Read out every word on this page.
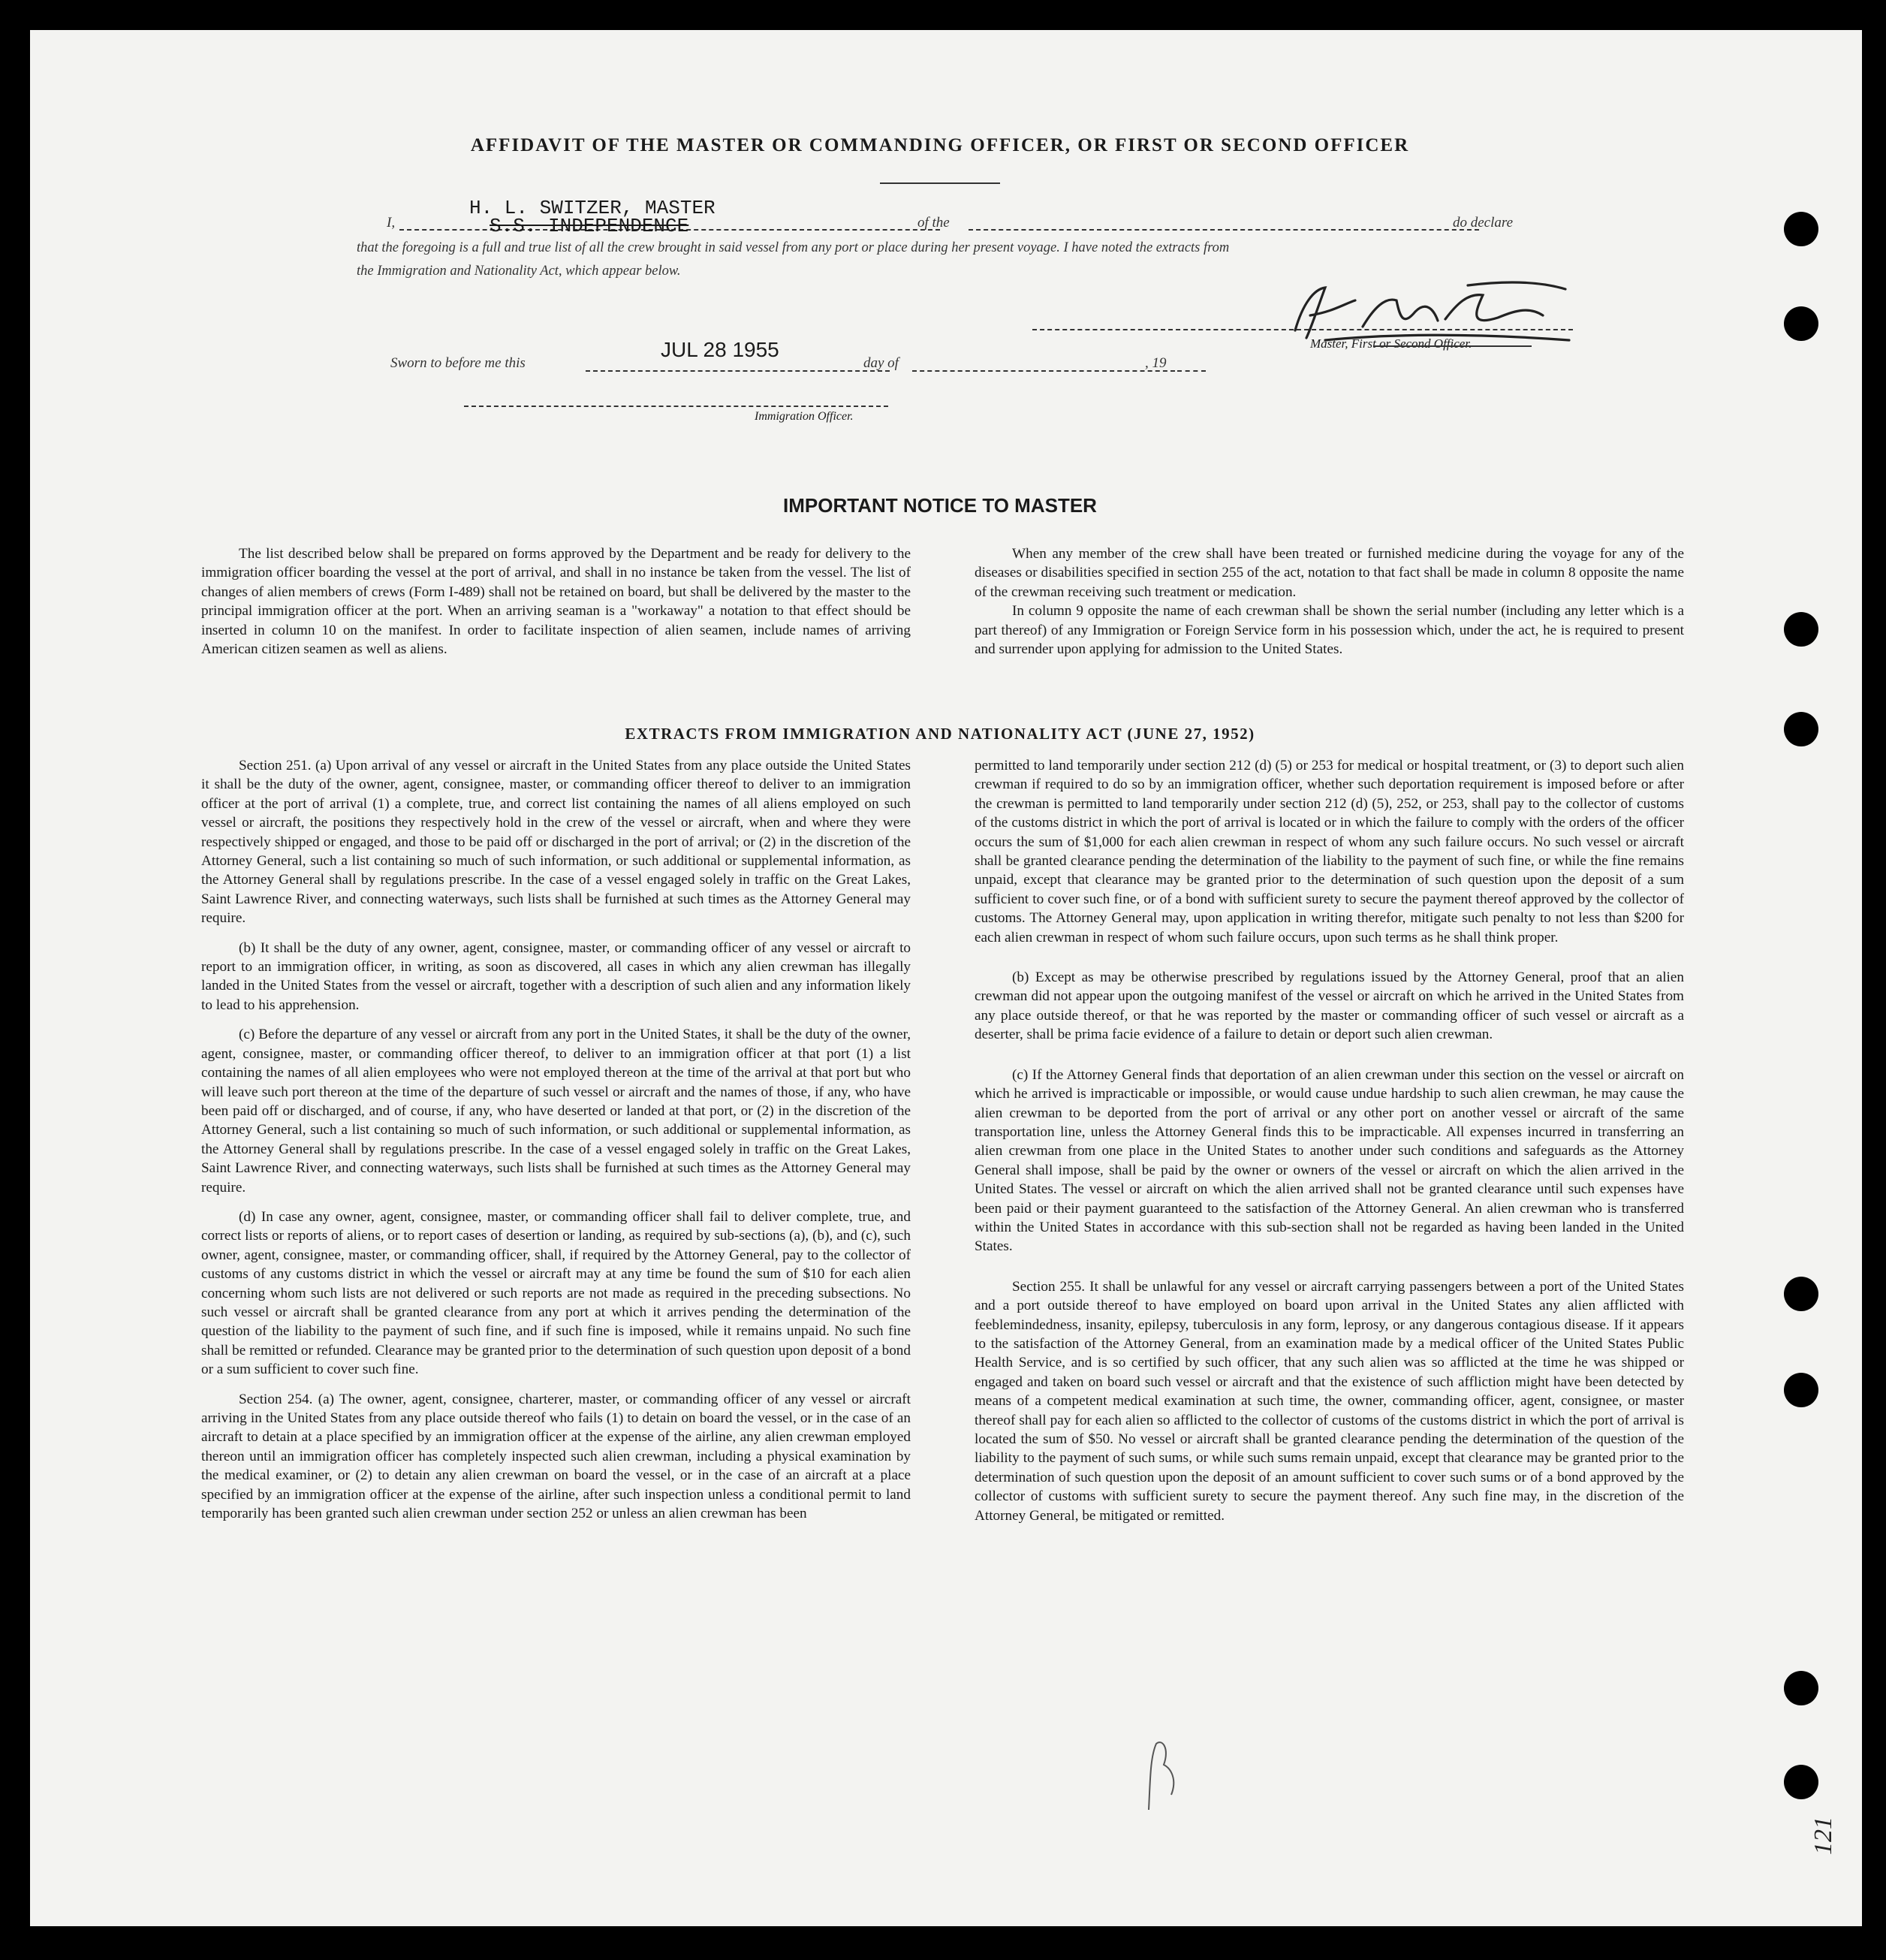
AFFIDAVIT OF THE MASTER OR COMMANDING OFFICER, OR FIRST OR SECOND OFFICER
H. L. SWITZER, MASTER
I,	S.S. INDEPENDENCE	of the	do declare
that the foregoing is a full and true list of all the crew brought in said vessel from any port or place during her present voyage. I have noted the extracts from
the Immigration and Nationality Act, which appear below.
Master, First or Second Officer.
Sworn to before me this
JUL 28 1955
day of	, 19
Immigration Officer.
IMPORTANT NOTICE TO MASTER

The list described below shall be prepared on forms approved by the Department and be ready for delivery to the immigration officer boarding the vessel at the port of arrival, and shall in no instance be taken from the vessel. The list of changes of alien members of crews (Form I-489) shall not be retained on board, but shall be delivered by the master to the principal immigration officer at the port. When an arriving seaman is a "workaway" a notation to that effect should be inserted in column 10 on the manifest. In order to facilitate inspection of alien seamen, include names of arriving American citizen seamen as well as aliens.

When any member of the crew shall have been treated or furnished medicine during the voyage for any of the diseases or disabilities specified in section 255 of the act, notation to that fact shall be made in column 8 opposite the name of the crewman receiving such treatment or medication.

In column 9 opposite the name of each crewman shall be shown the serial number (including any letter which is a part thereof) of any Immigration or Foreign Service form in his possession which, under the act, he is required to present and surrender upon applying for admission to the United States.

EXTRACTS FROM IMMIGRATION AND NATIONALITY ACT (JUNE 27, 1952)

Section 251. (a) Upon arrival of any vessel or aircraft in the United States from any place outside the United States it shall be the duty of the owner, agent, consignee, master, or commanding officer thereof to deliver to an immigration officer at the port of arrival (1) a complete, true, and correct list containing the names of all aliens employed on such vessel or aircraft, the positions they respectively hold in the crew of the vessel or aircraft, when and where they were respectively shipped or engaged, and those to be paid off or discharged in the port of arrival; or (2) in the discretion of the Attorney General, such a list containing so much of such information, or such additional or supplemental information, as the Attorney General shall by regulations prescribe. In the case of a vessel engaged solely in traffic on the Great Lakes, Saint Lawrence River, and connecting waterways, such lists shall be furnished at such times as the Attorney General may require.

(b) It shall be the duty of any owner, agent, consignee, master, or commanding officer of any vessel or aircraft to report to an immigration officer, in writing, as soon as discovered, all cases in which any alien crewman has illegally landed in the United States from the vessel or aircraft, together with a description of such alien and any information likely to lead to his apprehension.

(c) Before the departure of any vessel or aircraft from any port in the United States, it shall be the duty of the owner, agent, consignee, master, or commanding officer thereof, to deliver to an immigration officer at that port (1) a list containing the names of all alien employees who were not employed thereon at the time of the arrival at that port but who will leave such port thereon at the time of the departure of such vessel or aircraft and the names of those, if any, who have been paid off or discharged, and of course, if any, who have deserted or landed at that port, or (2) in the discretion of the Attorney General, such a list containing so much of such information, or such additional or supplemental information, as the Attorney General shall by regulations prescribe. In the case of a vessel engaged solely in traffic on the Great Lakes, Saint Lawrence River, and connecting waterways, such lists shall be furnished at such times as the Attorney General may require.

(d) In case any owner, agent, consignee, master, or commanding officer shall fail to deliver complete, true, and correct lists or reports of aliens, or to report cases of desertion or landing, as required by sub-sections (a), (b), and (c), such owner, agent, consignee, master, or commanding officer, shall, if required by the Attorney General, pay to the collector of customs of any customs district in which the vessel or aircraft may at any time be found the sum of $10 for each alien concerning whom such lists are not delivered or such reports are not made as required in the preceding subsections. No such vessel or aircraft shall be granted clearance from any port at which it arrives pending the determination of the question of the liability to the payment of such fine, and if such fine is imposed, while it remains unpaid. No such fine shall be remitted or refunded. Clearance may be granted prior to the determination of such question upon deposit of a bond or a sum sufficient to cover such fine.

Section 254. (a) The owner, agent, consignee, charterer, master, or commanding officer of any vessel or aircraft arriving in the United States from any place outside thereof who fails (1) to detain on board the vessel, or in the case of an aircraft to detain at a place specified by an immigration officer at the expense of the airline, any alien crewman employed thereon until an immigration officer has completely inspected such alien crewman, including a physical examination by the medical examiner, or (2) to detain any alien crewman on board the vessel, or in the case of an aircraft at a place specified by an immigration officer at the expense of the airline, after such inspection unless a conditional permit to land temporarily has been granted such alien crewman under section 252 or unless an alien crewman has been

permitted to land temporarily under section 212 (d) (5) or 253 for medical or hospital treatment, or (3) to deport such alien crewman if required to do so by an immigration officer, whether such deportation requirement is imposed before or after the crewman is permitted to land temporarily under section 212 (d) (5), 252, or 253, shall pay to the collector of customs of the customs district in which the port of arrival is located or in which the failure to comply with the orders of the officer occurs the sum of $1,000 for each alien crewman in respect of whom any such failure occurs. No such vessel or aircraft shall be granted clearance pending the determination of the liability to the payment of such fine, or while the fine remains unpaid, except that clearance may be granted prior to the determination of such question upon the deposit of a sum sufficient to cover such fine, or of a bond with sufficient surety to secure the payment thereof approved by the collector of customs. The Attorney General may, upon application in writing therefor, mitigate such penalty to not less than $200 for each alien crewman in respect of whom such failure occurs, upon such terms as he shall think proper.

(b) Except as may be otherwise prescribed by regulations issued by the Attorney General, proof that an alien crewman did not appear upon the outgoing manifest of the vessel or aircraft on which he arrived in the United States from any place outside thereof, or that he was reported by the master or commanding officer of such vessel or aircraft as a deserter, shall be prima facie evidence of a failure to detain or deport such alien crewman.

(c) If the Attorney General finds that deportation of an alien crewman under this section on the vessel or aircraft on which he arrived is impracticable or impossible, or would cause undue hardship to such alien crewman, he may cause the alien crewman to be deported from the port of arrival or any other port on another vessel or aircraft of the same transportation line, unless the Attorney General finds this to be impracticable. All expenses incurred in transferring an alien crewman from one place in the United States to another under such conditions and safeguards as the Attorney General shall impose, shall be paid by the owner or owners of the vessel or aircraft on which the alien arrived in the United States. The vessel or aircraft on which the alien arrived shall not be granted clearance until such expenses have been paid or their payment guaranteed to the satisfaction of the Attorney General. An alien crewman who is transferred within the United States in accordance with this sub-section shall not be regarded as having been landed in the United States.

Section 255. It shall be unlawful for any vessel or aircraft carrying passengers between a port of the United States and a port outside thereof to have employed on board upon arrival in the United States any alien afflicted with feeblemindedness, insanity, epilepsy, tuberculosis in any form, leprosy, or any dangerous contagious disease. If it appears to the satisfaction of the Attorney General, from an examination made by a medical officer of the United States Public Health Service, and is so certified by such officer, that any such alien was so afflicted at the time he was shipped or engaged and taken on board such vessel or aircraft and that the existence of such affliction might have been detected by means of a competent medical examination at such time, the owner, commanding officer, agent, consignee, or master thereof shall pay for each alien so afflicted to the collector of customs of the customs district in which the port of arrival is located the sum of $50. No vessel or aircraft shall be granted clearance pending the determination of the question of the liability to the payment of such sums, or while such sums remain unpaid, except that clearance may be granted prior to the determination of such question upon the deposit of an amount sufficient to cover such sums or of a bond approved by the collector of customs with sufficient surety to secure the payment thereof. Any such fine may, in the discretion of the Attorney General, be mitigated or remitted.

121
